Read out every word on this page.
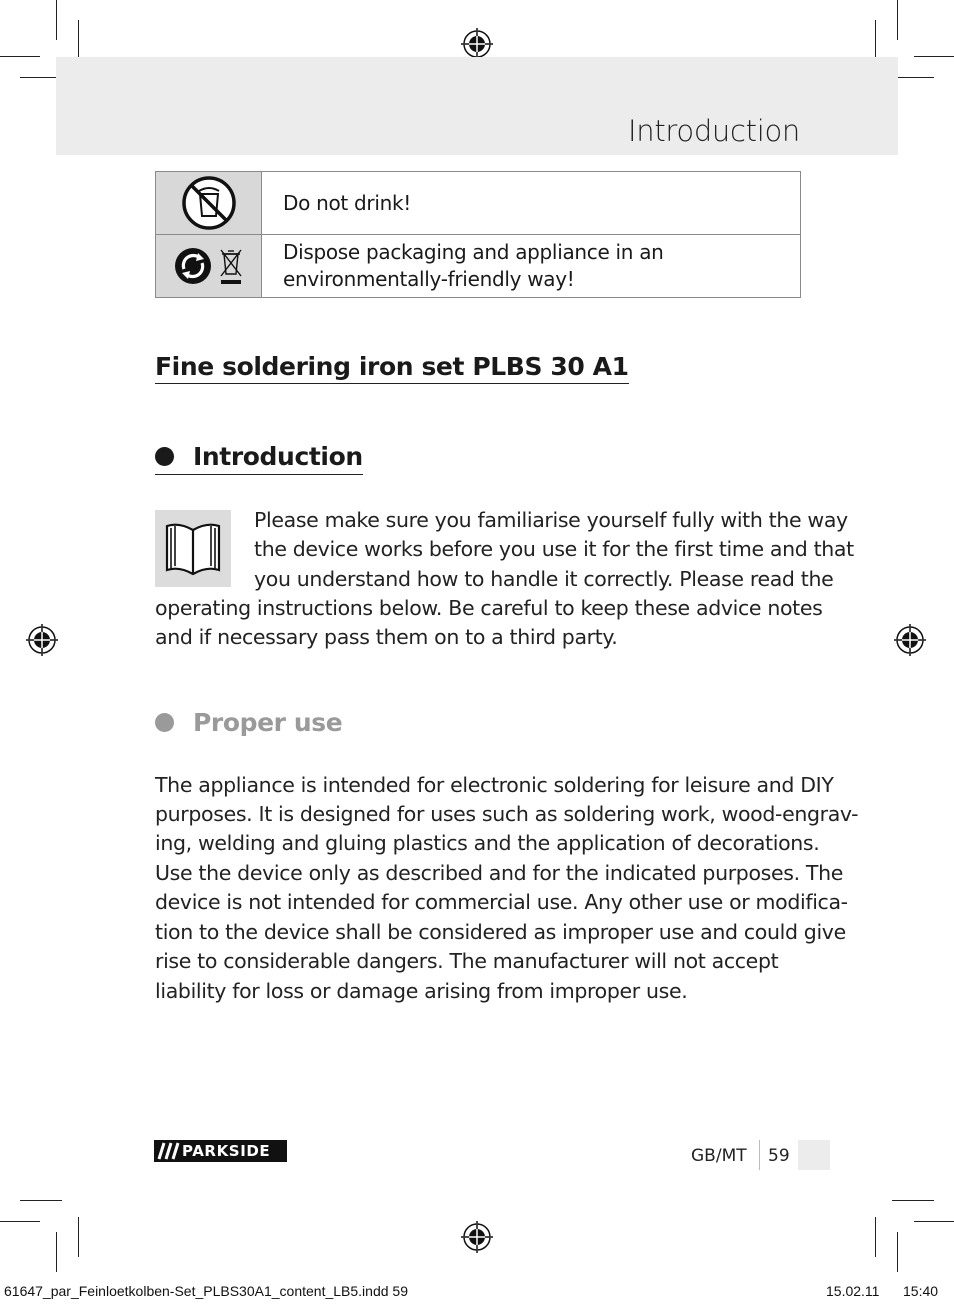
Introduction
	Do not drink!

	Dispose packaging and appliance in an environmentally-friendly way!
Fine soldering iron set PLBS 30 A1
Introduction
Please make sure you familiarise yourself fully with the way
the device works before you use it for the first time and that
you understand how to handle it correctly. Please read the
operating instructions below. Be careful to keep these advice notes
and if necessary pass them on to a third party.
Proper use
The appliance is intended for electronic soldering for leisure and DIY
purposes. It is designed for uses such as soldering work, wood-engrav-
ing, welding and gluing plastics and the application of decorations.
Use the device only as described and for the indicated purposes. The
device is not intended for commercial use. Any other use or modifica-
tion to the device shall be considered as improper use and could give
rise to considerable dangers. The manufacturer will not accept
liability for loss or damage arising from improper use.
PARKSIDE	GB/MT 59
61647_par_Feinloetkolben-Set_PLBS30A1_content_LB5.indd 59	15.02.11 15:40
